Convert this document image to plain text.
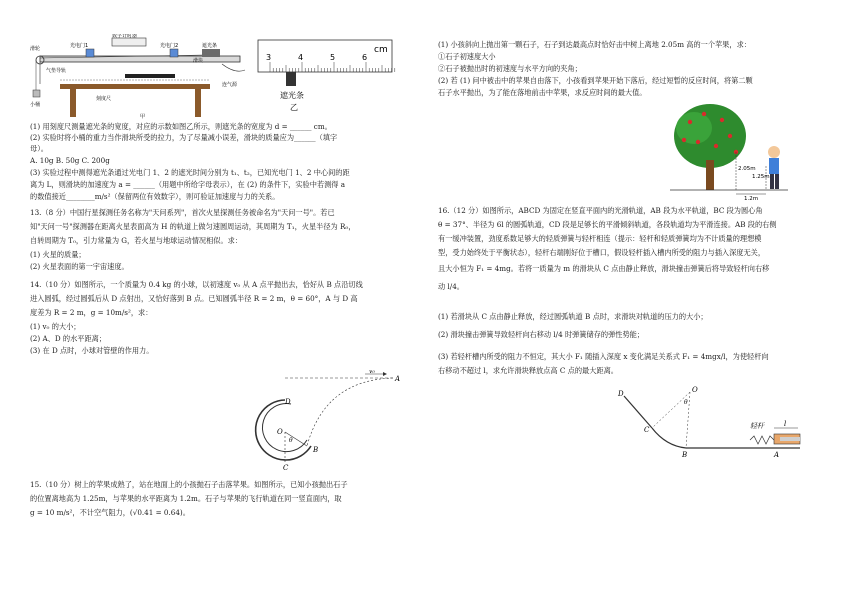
数字计时器
光电门1	光电门2	遮光条
滑块
气垫导轨
滑轮
小桶
刻度尺
连气源
甲
cm
3	4	5	6
遮光条
乙
(1) 用刻度尺测量遮光条的宽度，对应的示数如图乙所示，则遮光条的宽度为 d = ______ cm。
(2) 实验时将小桶的重力当作滑块所受的拉力，为了尽量减小误差，滑块的质量应为______（填字
母）。
A. 10g B. 50g C. 200g
(3) 实验过程中测得遮光条通过光电门 1、2 的遮光时间分别为 t₁、t₂，已知光电门 1、2 中心间的距
离为 L，则滑块的加速度为 a = ______（用题中所给字母表示），在 (2) 的条件下，实验中若测得 a
的数值接近________m/s²（保留两位有效数字），则可验证加速度与力的关系。
13.（8 分）中国行星探测任务名称为"天问系列"，首次火星探测任务被命名为"天问一号"。若已
知"天问一号"探测器在距离火星表面高为 H 的轨道上做匀速圆周运动，其周期为 T₁，火星半径为 R₀，
自转周期为 T₀，引力常量为 G，若火星与地球运动情况相似。求：
(1) 火星的质量；
(2) 火星表面的第一宇宙速度。
14.（10 分）如图所示，一个质量为 0.4 kg 的小球，以初速度 v₀ 从 A 点平抛出去，恰好从 B 点沿切线
进入圆弧，经过圆弧后从 D 点射出，又恰好落到 B 点。已知圆弧半径 R = 2 m，θ = 60°，A 与 D 高
度差为 R = 2 m，g = 10m/s²，求：
(1) v₀ 的大小；
(2) A、D 的水平距离；
(3) 在 D 点时，小球对管壁的作用力。
A
v₀
D
O
B
C
θ
15.（10 分）树上的苹果成熟了，站在地面上的小孩抛石子击落苹果。如图所示，已知小孩抛出石子
的位置离地高为 1.25m，与苹果的水平距离为 1.2m。石子与苹果的飞行轨道在同一竖直面内，取
g = 10 m/s²，不计空气阻力，(√0.41 = 0.64)。
(1) 小孩斜向上抛出第一颗石子，石子到达最高点时恰好击中树上离地 2.05m 高的一个苹果，求：
①石子初速度大小
②石子被抛出时的初速度与水平方向的夹角；
(2) 若 (1) 问中被击中的苹果自由落下，小孩看到苹果开始下落后，经过短暂的反应时间，将第二颗
石子水平抛出，为了能在落地前击中苹果，求反应时间的最大值。
2.05m
1.25m
1.2m
16.（12 分）如图所示，ABCD 为固定在竖直平面内的光滑轨道，AB 段为水平轨道，BC 段为圆心角
θ = 37°、半径为 6l 的圆弧轨道，CD 段是足够长的平滑倾斜轨道，各段轨道均为平滑连接。AB 段的右侧
有一缓冲装置，劲度系数足够大的轻质弹簧与轻杆相连（提示：轻杆和轻质弹簧均为不计质量的理想模
型，受力始终处于平衡状态），轻杆右端刚好位于槽口，假设轻杆插入槽内所受的阻力与插入深度无关，
且大小恒为 F₁ = 4mg。若将一质量为 m 的滑块从 C 点由静止释放，滑块撞击弹簧后将导致轻杆向右移
动 l/4。
(1) 若滑块从 C 点由静止释放，经过圆弧轨道 B 点时，求滑块对轨道的压力的大小；
(2) 滑块撞击弹簧导致轻杆向右移动 l/4 时弹簧储存的弹性势能；
(3) 若轻杆槽内所受的阻力不恒定，其大小 F₁ 随插入深度 x 变化满足关系式 F₁ = 4mgx/l，为使轻杆向
右移动不超过 l，求允许滑块释放点高 C 点的最大距离。
O
θ
D
C
B	A
轻杆	l
